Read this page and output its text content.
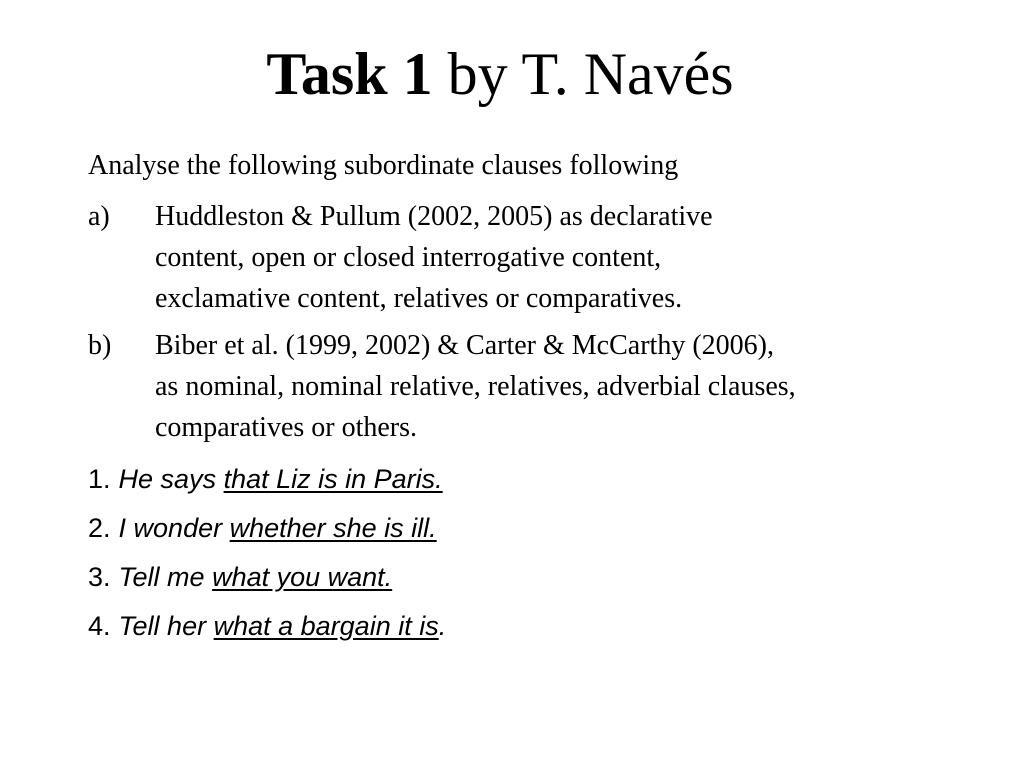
Task 1 by T. Navés
Analyse the following subordinate clauses following
a)	Huddleston & Pullum (2002, 2005) as declarative
content, open or closed interrogative content,
exclamative content, relatives or comparatives.
b)	Biber et al. (1999, 2002) & Carter & McCarthy (2006),
as nominal, nominal relative, relatives, adverbial clauses,
comparatives or others.
1. He says that Liz is in Paris.
2. I wonder whether she is ill.
3. Tell me what you want.
4. Tell her what a bargain it is.
